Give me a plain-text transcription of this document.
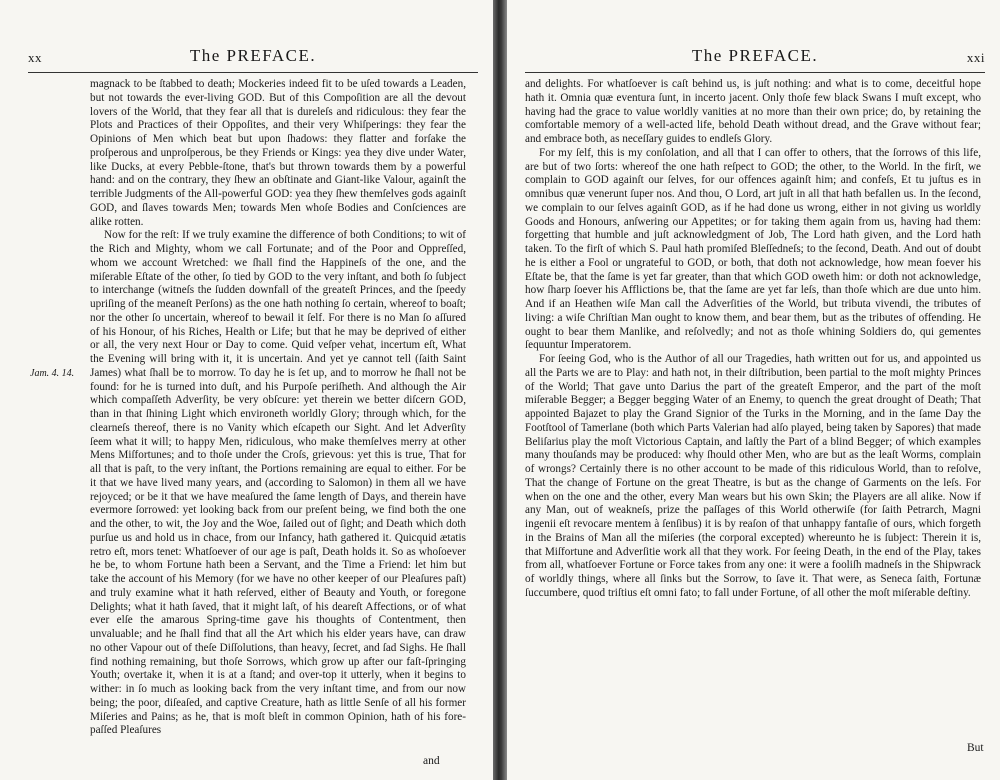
xx	The PREFACE.
Jam. 4. 14.

magnack to be ſtabbed to death; Mockeries indeed fit to be uſed towards a Leaden, but not towards the ever-living GOD. But of this Compoſition are all the devout lovers of the World, that they fear all that is dureleſs and ridiculous: they fear the Plots and Practices of their Oppoſites, and their very Whiſperings: they fear the Opinions of Men which beat but upon ſhadows: they flatter and forſake the proſperous and unproſperous, be they Friends or Kings: yea they dive under Water, like Ducks, at every Pebble-ſtone, that's but thrown towards them by a powerful hand: and on the contrary, they ſhew an obſtinate and Giant-like Valour, againſt the terrible Judgments of the All-powerful GOD: yea they ſhew themſelves gods againſt GOD, and ſlaves towards Men; towards Men whoſe Bodies and Conſciences are alike rotten.

Now for the reſt: If we truly examine the difference of both Conditions; to wit of the Rich and Mighty, whom we call Fortunate; and of the Poor and Oppreſſed, whom we account Wretched: we ſhall find the Happineſs of the one, and the miſerable Eſtate of the other, ſo tied by GOD to the very inſtant, and both ſo ſubject to interchange (witneſs the ſudden downfall of the greateſt Princes, and the ſpeedy upriſing of the meaneſt Perſons) as the one hath nothing ſo certain, whereof to boaſt; nor the other ſo uncertain, whereof to bewail it ſelf. For there is no Man ſo aſſured of his Honour, of his Riches, Health or Life; but that he may be deprived of either or all, the very next Hour or Day to come. Quid veſper vehat, incertum eſt, What the Evening will bring with it, it is uncertain. And yet ye cannot tell (ſaith Saint James) what ſhall be to morrow. To day he is ſet up, and to morrow he ſhall not be found: for he is turned into duſt, and his Purpoſe periſheth. And although the Air which compaſſeth Adverſity, be very obſcure: yet therein we better diſcern GOD, than in that ſhining Light which environeth worldly Glory; through which, for the clearneſs thereof, there is no Vanity which eſcapeth our Sight. And let Adverſity ſeem what it will; to happy Men, ridiculous, who make themſelves merry at other Mens Miſfortunes; and to thoſe under the Croſs, grievous: yet this is true, That for all that is paſt, to the very inſtant, the Portions remaining are equal to either. For be it that we have lived many years, and (according to Salomon) in them all we have rejoyced; or be it that we have meaſured the ſame length of Days, and therein have evermore ſorrowed: yet looking back from our preſent being, we find both the one and the other, to wit, the Joy and the Woe, ſailed out of ſight; and Death which doth purſue us and hold us in chace, from our Infancy, hath gathered it. Quicquid ætatis retro eſt, mors tenet: Whatſoever of our age is paſt, Death holds it. So as whoſoever he be, to whom Fortune hath been a Servant, and the Time a Friend: let him but take the account of his Memory (for we have no other keeper of our Pleaſures paſt) and truly examine what it hath reſerved, either of Beauty and Youth, or foregone Delights; what it hath ſaved, that it might laſt, of his deareſt Affections, or of what ever elſe the amarous Spring-time gave his thoughts of Contentment, then unvaluable; and he ſhall find that all the Art which his elder years have, can draw no other Vapour out of theſe Diſſolutions, than heavy, ſecret, and ſad Sighs. He ſhall find nothing remaining, but thoſe Sorrows, which grow up after our faſt-ſpringing Youth; overtake it, when it is at a ſtand; and over-top it utterly, when it begins to wither: in ſo much as looking back from the very inſtant time, and from our now being; the poor, diſeaſed, and captive Creature, hath as little Senſe of all his former Miſeries and Pains; as he, that is moſt bleſt in common Opinion, hath of his fore-paſſed Pleaſures

and
The PREFACE.	xxi

and delights. For whatſoever is caſt behind us, is juſt nothing: and what is to come, deceitful hope hath it. Omnia quæ eventura ſunt, in incerto jacent. Only thoſe few black Swans I muſt except, who having had the grace to value worldly vanities at no more than their own price; do, by retaining the comfortable memory of a well-acted life, behold Death without dread, and the Grave without fear; and embrace both, as neceſſary guides to endleſs Glory.

For my ſelf, this is my conſolation, and all that I can offer to others, that the ſorrows of this life, are but of two ſorts: whereof the one hath reſpect to GOD; the other, to the World. In the firſt, we complain to GOD againſt our ſelves, for our offences againſt him; and confeſs, Et tu juſtus es in omnibus quæ venerunt ſuper nos. And thou, O Lord, art juſt in all that hath befallen us. In the ſecond, we complain to our ſelves againſt GOD, as if he had done us wrong, either in not giving us worldly Goods and Honours, anſwering our Appetites; or for taking them again from us, having had them: forgetting that humble and juſt acknowledgment of Job, The Lord hath given, and the Lord hath taken. To the firſt of which S. Paul hath promiſed Bleſſedneſs; to the ſecond, Death. And out of doubt he is either a Fool or ungrateful to GOD, or both, that doth not acknowledge, how mean foever his Eſtate be, that the ſame is yet far greater, than that which GOD oweth him: or doth not acknowledge, how ſharp ſoever his Afflictions be, that the ſame are yet far leſs, than thoſe which are due unto him. And if an Heathen wiſe Man call the Adverſities of the World, but tributa vivendi, the tributes of living: a wiſe Chriſtian Man ought to know them, and bear them, but as the tributes of offending. He ought to bear them Manlike, and reſolvedly; and not as thoſe whining Soldiers do, qui gementes ſequuntur Imperatorem.

For ſeeing God, who is the Author of all our Tragedies, hath written out for us, and appointed us all the Parts we are to Play: and hath not, in their diſtribution, been partial to the moſt mighty Princes of the World; That gave unto Darius the part of the greateſt Emperor, and the part of the moſt miſerable Begger; a Begger begging Water of an Enemy, to quench the great drought of Death; That appointed Bajazet to play the Grand Signior of the Turks in the Morning, and in the ſame Day the Footſtool of Tamerlane (both which Parts Valerian had alſo played, being taken by Sapores) that made Beliſarius play the moſt Victorious Captain, and laſtly the Part of a blind Begger; of which examples many thouſands may be produced: why ſhould other Men, who are but as the leaſt Worms, complain of wrongs? Certainly there is no other account to be made of this ridiculous World, than to reſolve, That the change of Fortune on the great Theatre, is but as the change of Garments on the leſs. For when on the one and the other, every Man wears but his own Skin; the Players are all alike. Now if any Man, out of weakneſs, prize the paſſages of this World otherwiſe (for ſaith Petrarch, Magni ingenii eſt revocare mentem à ſenſibus) it is by reaſon of that unhappy fantaſie of ours, which forgeth in the Brains of Man all the miſeries (the corporal excepted) whereunto he is ſubject: Therein it is, that Miſfortune and Adverſitie work all that they work. For ſeeing Death, in the end of the Play, takes from all, whatſoever Fortune or Force takes from any one: it were a fooliſh madneſs in the Shipwrack of worldly things, where all ſinks but the Sorrow, to ſave it. That were, as Seneca ſaith, Fortunæ ſuccumbere, quod triſtius eſt omni fato; to fall under Fortune, of all other the moſt miſerable deſtiny.

But
